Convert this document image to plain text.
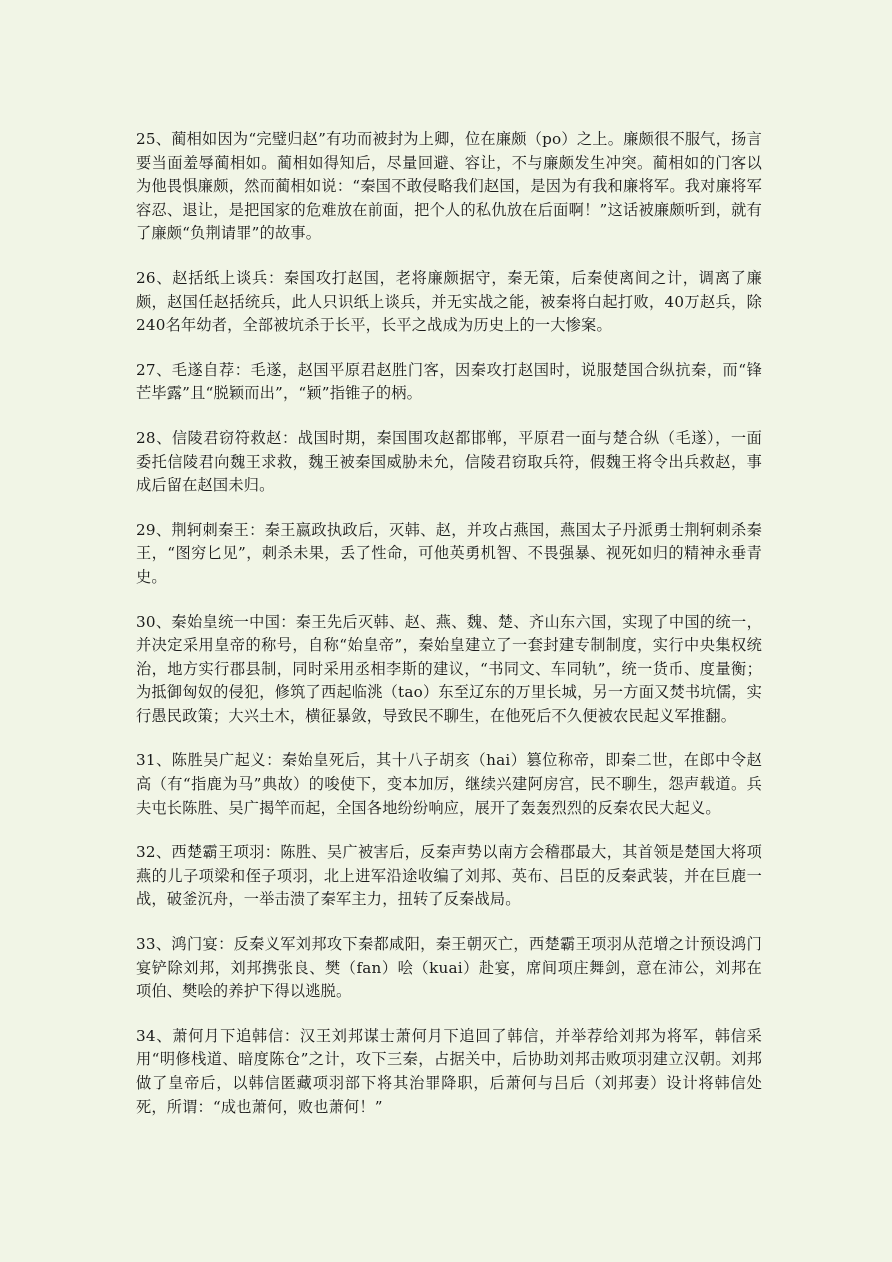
25、蔺相如因为“完璧归赵”有功而被封为上卿，位在廉颇（po）之上。廉颇很不服气，扬言要当面羞辱蔺相如。蔺相如得知后，尽量回避、容让，不与廉颇发生冲突。蔺相如的门客以为他畏惧廉颇，然而蔺相如说：“秦国不敢侵略我们赵国，是因为有我和廉将军。我对廉将军容忍、退让，是把国家的危难放在前面，把个人的私仇放在后面啊！”这话被廉颇听到，就有了廉颇“负荆请罪”的故事。

26、赵括纸上谈兵：秦国攻打赵国，老将廉颇据守，秦无策，后秦使离间之计，调离了廉颇，赵国任赵括统兵，此人只识纸上谈兵，并无实战之能，被秦将白起打败，40万赵兵，除240名年幼者，全部被坑杀于长平，长平之战成为历史上的一大惨案。

27、毛遂自荐：毛遂，赵国平原君赵胜门客，因秦攻打赵国时，说服楚国合纵抗秦，而“锋芒毕露”且“脱颖而出”，“颖”指锥子的柄。

28、信陵君窃符救赵：战国时期，秦国围攻赵都邯郸，平原君一面与楚合纵（毛遂），一面委托信陵君向魏王求救，魏王被秦国威胁未允，信陵君窃取兵符，假魏王将令出兵救赵，事成后留在赵国未归。

29、荆轲刺秦王：秦王嬴政执政后，灭韩、赵，并攻占燕国，燕国太子丹派勇士荆轲刺杀秦王，“图穷匕见”，刺杀未果，丢了性命，可他英勇机智、不畏强暴、视死如归的精神永垂青史。

30、秦始皇统一中国：秦王先后灭韩、赵、燕、魏、楚、齐山东六国，实现了中国的统一，并决定采用皇帝的称号，自称“始皇帝”，秦始皇建立了一套封建专制制度，实行中央集权统治，地方实行郡县制，同时采用丞相李斯的建议，“书同文、车同轨”，统一货币、度量衡；为抵御匈奴的侵犯，修筑了西起临洮（tao）东至辽东的万里长城，另一方面又焚书坑儒，实行愚民政策；大兴土木，横征暴敛，导致民不聊生，在他死后不久便被农民起义军推翻。

31、陈胜吴广起义：秦始皇死后，其十八子胡亥（hai）篡位称帝，即秦二世，在郎中令赵高（有“指鹿为马”典故）的唆使下，变本加厉，继续兴建阿房宫，民不聊生，怨声载道。兵夫屯长陈胜、吴广揭竿而起，全国各地纷纷响应，展开了轰轰烈烈的反秦农民大起义。

32、西楚霸王项羽：陈胜、吴广被害后，反秦声势以南方会稽郡最大，其首领是楚国大将项燕的儿子项梁和侄子项羽，北上进军沿途收编了刘邦、英布、吕臣的反秦武装，并在巨鹿一战，破釜沉舟，一举击溃了秦军主力，扭转了反秦战局。

33、鸿门宴：反秦义军刘邦攻下秦都咸阳，秦王朝灭亡，西楚霸王项羽从范增之计预设鸿门宴铲除刘邦，刘邦携张良、樊（fan）哙（kuai）赴宴，席间项庄舞剑，意在沛公，刘邦在项伯、樊哙的养护下得以逃脱。

34、萧何月下追韩信：汉王刘邦谋士萧何月下追回了韩信，并举荐给刘邦为将军，韩信采用“明修栈道、暗度陈仓”之计，攻下三秦，占据关中，后协助刘邦击败项羽建立汉朝。刘邦做了皇帝后，以韩信匿藏项羽部下将其治罪降职，后萧何与吕后（刘邦妻）设计将韩信处死，所谓：“成也萧何，败也萧何！”
